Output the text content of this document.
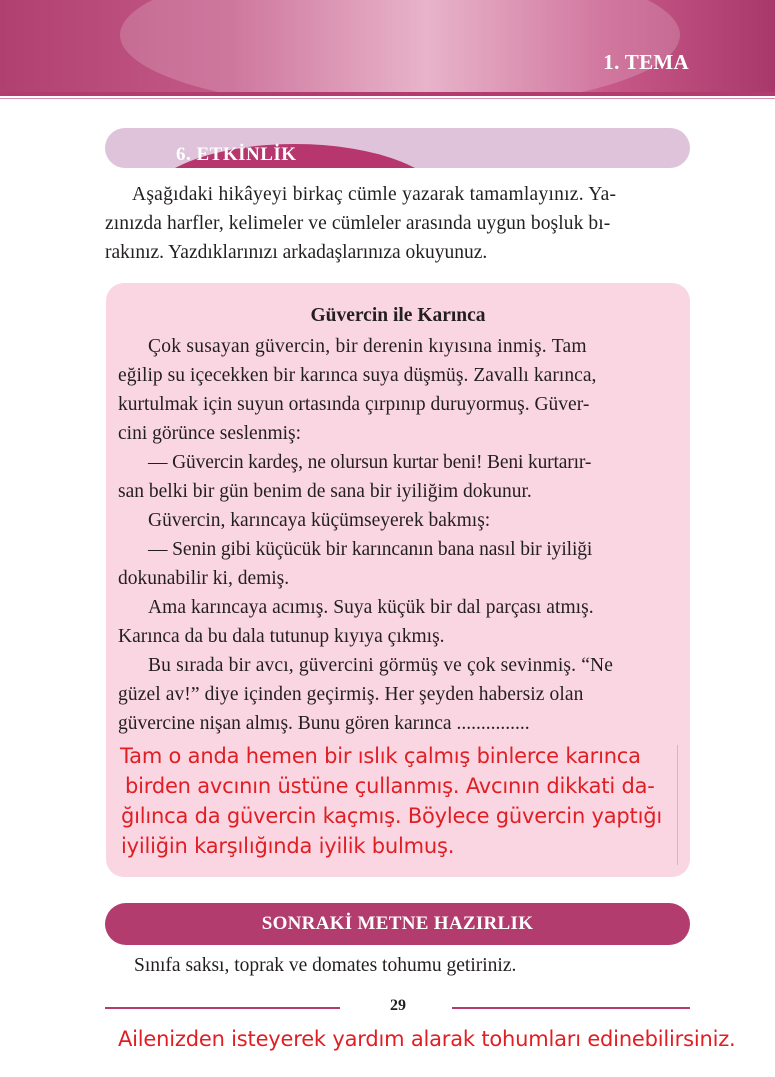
1. TEMA
6. ETKİNLİK
Aşağıdaki hikâyeyi birkaç cümle yazarak tamamlayınız. Ya-
zınızda harfler, kelimeler ve cümleler arasında uygun boşluk bı-
rakınız. Yazdıklarınızı arkadaşlarınıza okuyunuz.
Güvercin ile Karınca
Çok susayan güvercin, bir derenin kıyısına inmiş. Tam
eğilip su içecekken bir karınca suya düşmüş. Zavallı karınca,
kurtulmak için suyun ortasında çırpınıp duruyormuş. Güver-
cini görünce seslenmiş:
— Güvercin kardeş, ne olursun kurtar beni! Beni kurtarır-
san belki bir gün benim de sana bir iyiliğim dokunur.
Güvercin, karıncaya küçümseyerek bakmış:
— Senin gibi küçücük bir karıncanın bana nasıl bir iyiliği
dokunabilir ki, demiş.
Ama karıncaya acımış. Suya küçük bir dal parçası atmış.
Karınca da bu dala tutunup kıyıya çıkmış.
Bu sırada bir avcı, güvercini görmüş ve çok sevinmiş. “Ne
güzel av!” diye içinden geçirmiş. Her şeyden habersiz olan
güvercine nişan almış. Bunu gören karınca ...............
Tam o anda hemen bir ıslık çalmış binlerce karınca
birden avcının üstüne çullanmış. Avcının dikkati da-
ğılınca da güvercin kaçmış. Böylece güvercin yaptığı
iyiliğin karşılığında iyilik bulmuş.
SONRAKİ METNE HAZIRLIK
Sınıfa saksı, toprak ve domates tohumu getiriniz.
29
Ailenizden isteyerek yardım alarak tohumları edinebilirsiniz.
